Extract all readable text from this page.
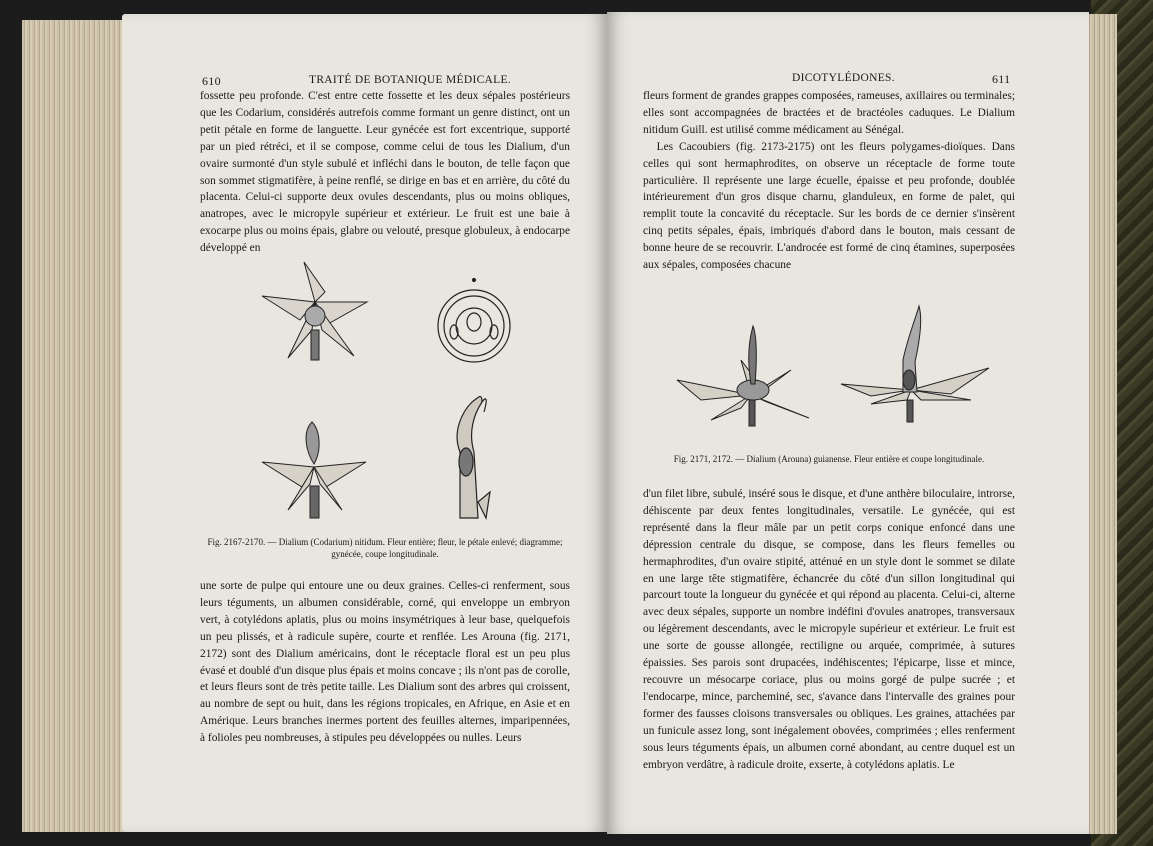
610	TRAITÉ DE BOTANIQUE MÉDICALE.

fossette peu profonde. C'est entre cette fossette et les deux sépales postérieurs que les Codarium, considérés autrefois comme formant un genre distinct, ont un petit pétale en forme de languette. Leur gynécée est fort excentrique, supporté par un pied rétréci, et il se compose, comme celui de tous les Dialium, d'un ovaire surmonté d'un style subulé et infléchi dans le bouton, de telle façon que son sommet stigmatifère, à peine renflé, se dirige en bas et en arrière, du côté du placenta. Celui-ci supporte deux ovules descendants, plus ou moins obliques, anatropes, avec le micropyle supérieur et extérieur. Le fruit est une baie à exocarpe plus ou moins épais, glabre ou velouté, presque globuleux, à endocarpe développé en

Fig. 2167-2170. — Dialium (Codarium) nitidum. Fleur entière; fleur, le pétale enlevé; diagramme; gynécée, coupe longitudinale.

une sorte de pulpe qui entoure une ou deux graines. Celles-ci renferment, sous leurs téguments, un albumen considérable, corné, qui enveloppe un embryon vert, à cotylédons aplatis, plus ou moins insymétriques à leur base, quelquefois un peu plissés, et à radicule supère, courte et renflée. Les Arouna (fig. 2171, 2172) sont des Dialium américains, dont le réceptacle floral est un peu plus évasé et doublé d'un disque plus épais et moins concave ; ils n'ont pas de corolle, et leurs fleurs sont de très petite taille. Les Dialium sont des arbres qui croissent, au nombre de sept ou huit, dans les régions tropicales, en Afrique, en Asie et en Amérique. Leurs branches inermes portent des feuilles alternes, imparipennées, à folioles peu nombreuses, à stipules peu développées ou nulles. Leurs

DICOTYLÉDONES.	611

fleurs forment de grandes grappes composées, rameuses, axillaires ou terminales; elles sont accompagnées de bractées et de bractéoles caduques. Le Dialium nitidum Guill. est utilisé comme médicament au Sénégal.

Les Cacoubiers (fig. 2173-2175) ont les fleurs polygames-dioïques. Dans celles qui sont hermaphrodites, on observe un réceptacle de forme toute particulière. Il représente une large écuelle, épaisse et peu profonde, doublée intérieurement d'un gros disque charnu, glanduleux, en forme de palet, qui remplit toute la concavité du réceptacle. Sur les bords de ce dernier s'insèrent cinq petits sépales, épais, imbriqués d'abord dans le bouton, mais cessant de bonne heure de se recouvrir. L'androcée est formé de cinq étamines, superposées aux sépales, composées chacune

Fig. 2171, 2172. — Dialium (Arouna) guianense. Fleur entière et coupe longitudinale.

d'un filet libre, subulé, inséré sous le disque, et d'une anthère biloculaire, introrse, déhiscente par deux fentes longitudinales, versatile. Le gynécée, qui est représenté dans la fleur mâle par un petit corps conique enfoncé dans une dépression centrale du disque, se compose, dans les fleurs femelles ou hermaphrodites, d'un ovaire stipité, atténué en un style dont le sommet se dilate en une large tête stigmatifère, échancrée du côté d'un sillon longitudinal qui parcourt toute la longueur du gynécée et qui répond au placenta. Celui-ci, alterne avec deux sépales, supporte un nombre indéfini d'ovules anatropes, transversaux ou légèrement descendants, avec le micropyle supérieur et extérieur. Le fruit est une sorte de gousse allongée, rectiligne ou arquée, comprimée, à sutures épaissies. Ses parois sont drupacées, indéhiscentes; l'épicarpe, lisse et mince, recouvre un mésocarpe coriace, plus ou moins gorgé de pulpe sucrée ; et l'endocarpe, mince, parcheminé, sec, s'avance dans l'intervalle des graines pour former des fausses cloisons transversales ou obliques. Les graines, attachées par un funicule assez long, sont inégalement obovées, comprimées ; elles renferment sous leurs téguments épais, un albumen corné abondant, au centre duquel est un embryon verdâtre, à radicule droite, exserte, à cotylédons aplatis. Le
